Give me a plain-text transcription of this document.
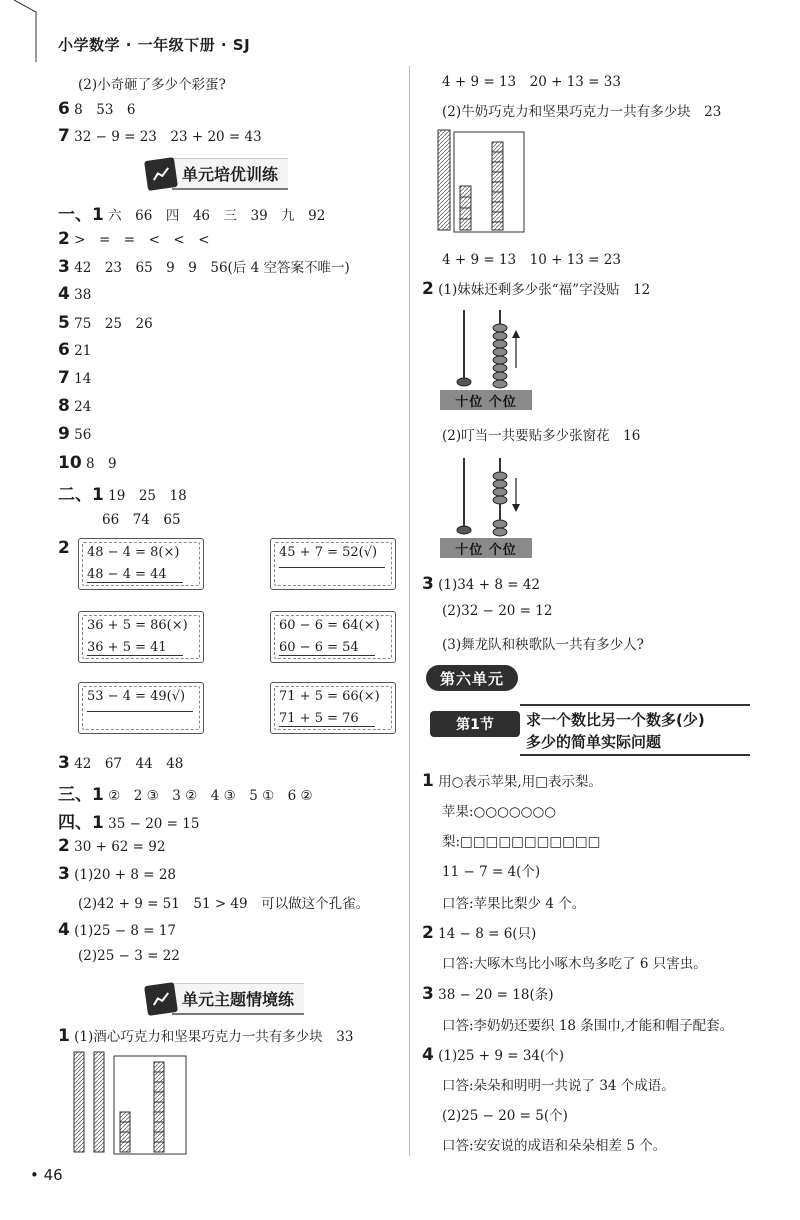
小学数学 · 一年级下册 · SJ
(2)小奇砸了多少个彩蛋?
6 8　53　6
7 32 − 9 = 23　23 + 20 = 43
单元培优训练
一、1 六　66　四　46　三　39　九　92
2 >　=　=　<　<　<
3 42　23　65　9　9　56(后 4 空答案不唯一)
4 38
5 75　25　26
6 21
7 14
8 24
9 56
10 8　9
二、1 19　25　18
66　74　65
2 48 − 4 = 8(×)
48 − 4 = 44
45 + 7 = 52(√)
36 + 5 = 86(×)
36 + 5 = 41
60 − 6 = 64(×)
60 − 6 = 54
53 − 4 = 49(√)	71 + 5 = 66(×)
71 + 5 = 76
3 42　67　44　48
三、1 ②　2 ③　3 ②　4 ③　5 ①　6 ②
四、1 35 − 20 = 15
2 30 + 62 = 92
3 (1)20 + 8 = 28
(2)42 + 9 = 51　51 > 49　可以做这个孔雀。
4 (1)25 − 8 = 17
(2)25 − 3 = 22
单元主题情境练
1 (1)酒心巧克力和坚果巧克力一共有多少块　33
4 + 9 = 13　20 + 13 = 33
(2)牛奶巧克力和坚果巧克力一共有多少块　23
4 + 9 = 13　10 + 13 = 23
2 (1)妹妹还剩多少张“福”字没贴　12
十位 个位
(2)叮当一共要贴多少张窗花　16
十位 个位
3 (1)34 + 8 = 42
(2)32 − 20 = 12
(3)舞龙队和秧歌队一共有多少人?
第六单元
第1节	求一个数比另一个数多(少)
多少的简单实际问题
1 用○表示苹果,用□表示梨。
苹果:○○○○○○○
梨:□□□□□□□□□□□
11 − 7 = 4(个)
口答:苹果比梨少 4 个。
2 14 − 8 = 6(只)
口答:大啄木鸟比小啄木鸟多吃了 6 只害虫。
3 38 − 20 = 18(条)
口答:李奶奶还要织 18 条围巾,才能和帽子配套。
4 (1)25 + 9 = 34(个)
口答:朵朵和明明一共说了 34 个成语。
(2)25 − 20 = 5(个)
口答:安安说的成语和朵朵相差 5 个。
• 46
